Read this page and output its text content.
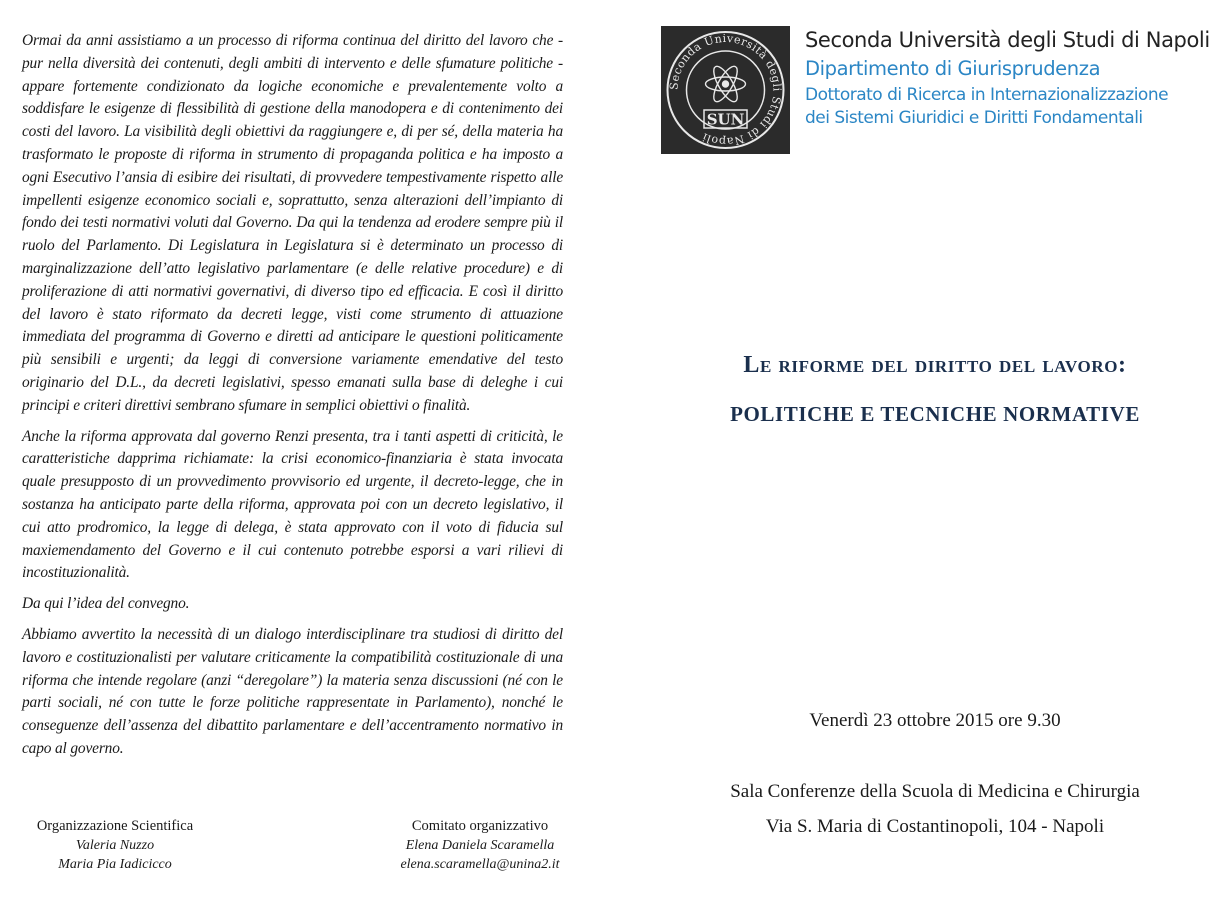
Ormai da anni assistiamo a un processo di riforma continua del diritto del lavoro che - pur nella diversità dei contenuti, degli ambiti di intervento e delle sfumature politiche - appare fortemente condizionato da logiche economiche e prevalentemente volto a soddisfare le esigenze di flessibilità di gestione della manodopera e di contenimento dei costi del lavoro. La visibilità degli obiettivi da raggiungere e, di per sé, della materia ha trasformato le proposte di riforma in strumento di propaganda politica e ha imposto a ogni Esecutivo l’ansia di esibire dei risultati, di provvedere tempestivamente rispetto alle impellenti esigenze economico sociali e, soprattutto, senza alterazioni dell’impianto di fondo dei testi normativi voluti dal Governo. Da qui la tendenza ad erodere sempre più il ruolo del Parlamento. Di Legislatura in Legislatura si è determinato un processo di marginalizzazione dell’atto legislativo parlamentare (e delle relative procedure) e di proliferazione di atti normativi governativi, di diverso tipo ed efficacia. E così il diritto del lavoro è stato riformato da decreti legge, visti come strumento di attuazione immediata del programma di Governo e diretti ad anticipare le questioni politicamente più sensibili e urgenti; da leggi di conversione variamente emendative del testo originario del D.L., da decreti legislativi, spesso emanati sulla base di deleghe i cui principi e criteri direttivi sembrano sfumare in semplici obiettivi o finalità.

Anche la riforma approvata dal governo Renzi presenta, tra i tanti aspetti di criticità, le caratteristiche dapprima richiamate: la crisi economico-finanziaria è stata invocata quale presupposto di un provvedimento provvisorio ed urgente, il decreto-legge, che in sostanza ha anticipato parte della riforma, approvata poi con un decreto legislativo, il cui atto prodromico, la legge di delega, è stata approvato con il voto di fiducia sul maxiemendamento del Governo e il cui contenuto potrebbe esporsi a vari rilievi di incostituzionalità.

Da qui l’idea del convegno.

Abbiamo avvertito la necessità di un dialogo interdisciplinare tra studiosi di diritto del lavoro e costituzionalisti per valutare criticamente la compatibilità costituzionale di una riforma che intende regolare (anzi “deregolare”) la materia senza discussioni (né con le parti sociali, né con tutte le forze politiche rappresentate in Parlamento), nonché le conseguenze dell’assenza del dibattito parlamentare e dell’accentramento normativo in capo al governo.

Organizzazione Scientifica
Valeria Nuzzo
Maria Pia Iadicicco
Comitato organizzativo
Elena Daniela Scaramella
elena.scaramella@unina2.it
Seconda Università degli Studi di Napoli
SUN
Seconda Università degli Studi di Napoli
Dipartimento di Giurisprudenza
Dottorato di Ricerca in Internazionalizzazione
dei Sistemi Giuridici e Diritti Fondamentali
Le riforme del diritto del lavoro:
POLITICHE E TECNICHE NORMATIVE
Venerdì 23 ottobre 2015 ore 9.30
Sala Conferenze della Scuola di Medicina e Chirurgia
Via S. Maria di Costantinopoli, 104 - Napoli
